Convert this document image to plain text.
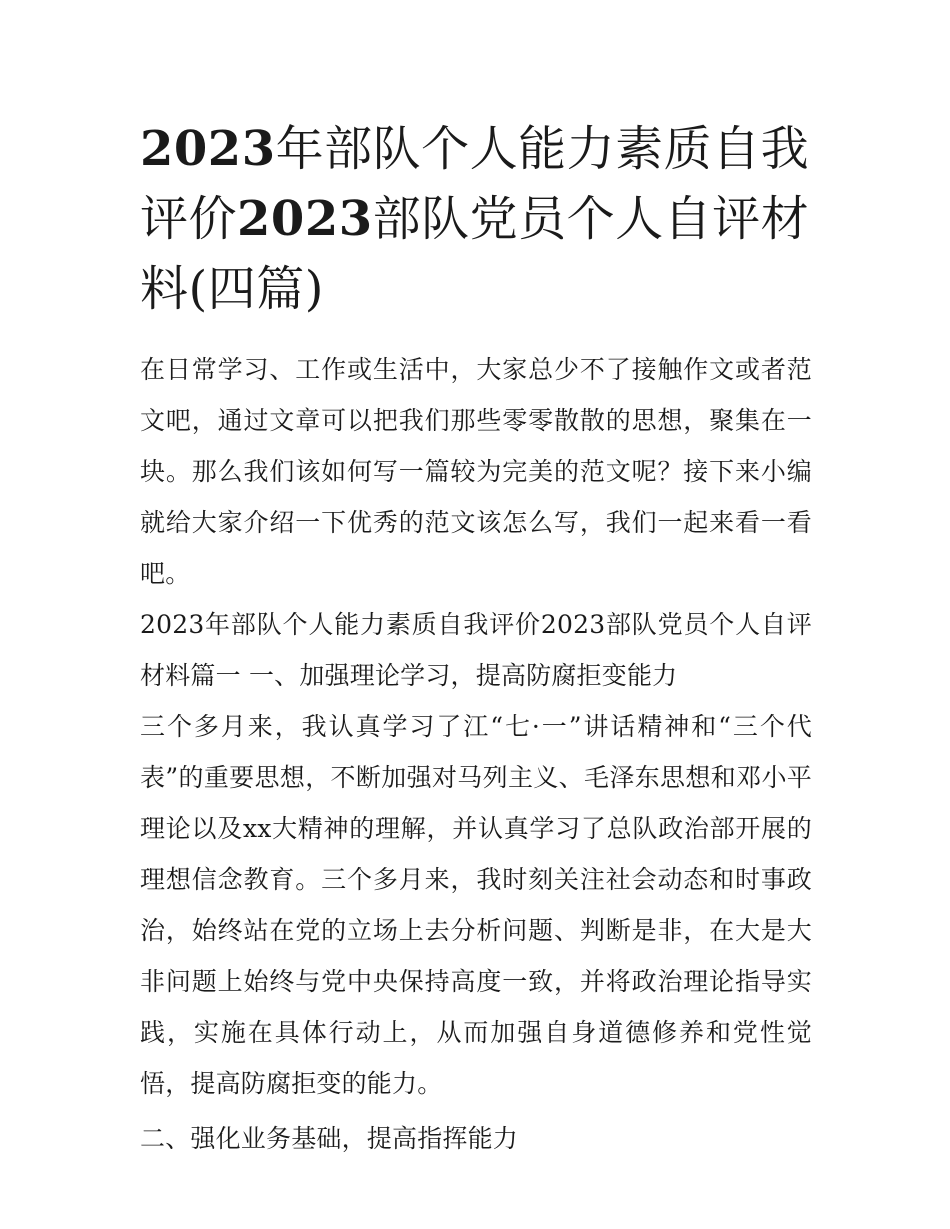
2023年部队个人能力素质自我评价2023部队党员个人自评材料(四篇)

在日常学习、工作或生活中，大家总少不了接触作文或者范文吧，通过文章可以把我们那些零零散散的思想，聚集在一块。那么我们该如何写一篇较为完美的范文呢？接下来小编就给大家介绍一下优秀的范文该怎么写，我们一起来看一看吧。

2023年部队个人能力素质自我评价2023部队党员个人自评材料篇一 一、加强理论学习，提高防腐拒变能力

三个多月来，我认真学习了江“七·一”讲话精神和“三个代表”的重要思想，不断加强对马列主义、毛泽东思想和邓小平理论以及xx大精神的理解，并认真学习了总队政治部开展的理想信念教育。三个多月来，我时刻关注社会动态和时事政治，始终站在党的立场上去分析问题、判断是非，在大是大非问题上始终与党中央保持高度一致，并将政治理论指导实践，实施在具体行动上，从而加强自身道德修养和党性觉悟，提高防腐拒变的能力。

二、强化业务基础，提高指挥能力
